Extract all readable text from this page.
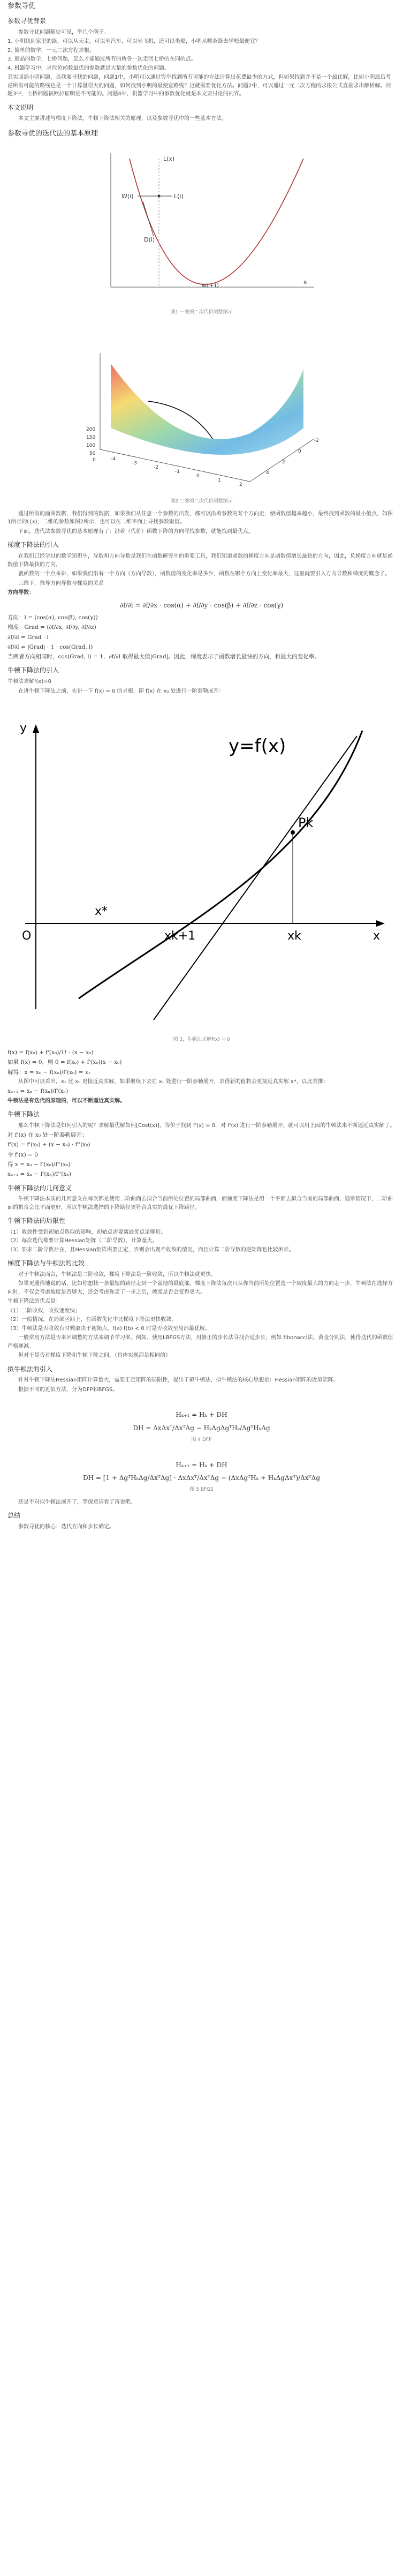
参数寻优
参数寻优背景
参数寻优问题随处可见，举几个例子。
1. 小明找到家里的路，可以从天走，可以坐汽车，可以坐飞机，还可以坐船，小明从哪条路去学校最便宜？
2. 简单的数学，一元二次方程求根。
3. 商品的数学，七桥问题，怎么才能通过所有的桥各一次走回七桥的在同的点。
4. 机器学习中，求代价函数最优的参数就是大量的参数优化的问题。
其实回到小明问题，当我要寻找的问题，问题1中，小明可以通过穷举找到所有可能的方法计算出花费最少的方式，但如果找到并不是一个最优解，比如小明最后考虑所有可能的路线也是一个计算量很大的问题，如何找到小明的最便宜路线？这就需要优化方法。问题2中，可以通过一元二次方程的求根公式直接求出解析解。问题3中，七桥问题被欧拉证明是不可能的。问题4中，机器学习中的参数优化就是本文要讨论的内容。
本文说明
本文主要讲述与梯度下降法，牛顿下降法相关的原理，以及参数寻优中的一些基本方法。
参数寻优的迭代法的基本原理
L(x)
W(i)	L(i)
D(i)
W(i+1)
x
图1 一维的二次代价函数图示
200
150
100
50
0	-4
-3
-2
-1
0
1
2
4
2
0
-2
图2 二维的二次代价函数图示
通过所有的画图数据，我们得到的数据，如果我们从任意一个参数的出发，都可以沿着参数的某个方向走，使函数值越来越小，最终找到函数的最小值点，如图1所示的L(x)，二维的参数如图2所示，也可以在二维平面上寻找参数取值。
下面，迭代法参数寻优的基本原理有了：沿着（代价）函数下降的方向寻找参数，就能找到最优点。
梯度下降法的引入
在我们已经学过的数学知识中，导数和方向导数是我们在函数研究中的重要工具，我们知道函数的梯度方向是函数值增长最快的方向，因此，负梯度方向就是函数值下降最快的方向。
就函数的一个点来讲，如果我们沿着一个方向（方向导数），函数值的变化率是多少，函数在哪个方向上变化率最大，这里就要引入方向导数和梯度的概念了。
三维下，推导方向导数与梯度的关系
方向导数：
∂f/∂l = ∂f/∂x · cos(α) + ∂f/∂y · cos(β) + ∂f/∂z · cos(γ)
方向：l = (cos(α), cos(β), cos(γ))
梯度：Grad = (∂f/∂x, ∂f/∂y, ∂f/∂z)
∂f/∂l = Grad · l
∂f/∂l = |Grad| · 1 · cos(Grad, l)
当两者方向相同时，cos(Grad, l) = 1，∂f/∂l 取得最大值|Grad|。因此，梯度表示了函数增长最快的方向，和最大的变化率。
牛顿下降法的引入
牛顿法求解f(x)=0
在讲牛顿下降法之前，先讲一下 f(x) = 0 的求根，即 f(x) 在 x₀ 处进行一阶泰勒展开：
y=f(x)
Pk
O
x*
xk+1	xk	x
y
图 3，牛顿法求解f(x) = 0
f(x) = f(x₀) + f'(x₀)/1! · (x − x₀)
如果 f(x) = 0，则 0 = f(x₀) + f'(x₀)(x − x₀)
解得：x = x₀ − f(x₀)/f'(x₀) = x₁
从图中可以看出，x₁ 比 x₀ 更接近真实解，如果继续下去在 x₁ 处进行一阶泰勒展开，求得新的值将会更接近真实解 x*，以此类推：
xₙ₊₁ = xₙ − f(xₙ)/f'(xₙ)
牛顿法是有迭代的原理的，可以不断逼近真实解。
牛顿下降法
那么牛顿下降法是如何引入的呢？求解最优解如何[Cost(x)]，等价于找到 f'(x) = 0，对 f'(x) 进行一阶泰勒展开，就可以用上面的牛顿法来不断逼近真实解了。
对 f'(x) 在 x₀ 处一阶泰勒展开：
f'(x) = f'(x₀) + (x − x₀) · f''(x₀)
令 f'(x) = 0
得 x = x₀ − f'(x₀)/f''(x₀)
xₙ₊₁ = xₙ − f'(xₙ)/f''(xₙ)
牛顿下降法的几何意义
牛顿下降法本质的几何意义在每次都是使用二阶曲面去拟合当前所处位置的局部曲面，而梯度下降法是用一个平面去拟合当前的局部曲面，通常情况下，二阶曲面的拟合会比平面更好，所以牛顿法选择的下降路径更符合真实的最优下降路径。
牛顿下降法的局限性
（1）收敛性受到初始点选取的影响，初始点需要离最优点足够近。
（2）每次迭代都要计算Hessian矩阵（二阶导数），计算量大。
（3）要求二阶导数存在，且Hessian矩阵需要正定，否则会出现不收敛的情况，而且计算二阶导数的逆矩阵也比较困难。
梯度下降法与牛顿法的比较
对于牛顿法而言，牛顿法是二阶收敛，梯度下降法是一阶收敛，所以牛顿法就更快。
如果更通俗地说的话，比如你想找一条最短的路径走到一个盆地的最底部，梯度下降法每次只从你当前所处位置选一个坡度最大的方向走一步，牛顿法在选择方向时，不仅会考虑坡度是否够大，还会考虑你走了一步之后，坡度是否会变得更大。
牛顿下降法的优点是：
（1）二阶收敛，收敛速度快；
（2）一般情况，在局部区间上，在函数优化中比梯度下降法更快收敛。
（3）牛顿法是否收敛有时候取决于初始点，f(a)·f(b) < 0 时是否收敛至局部最优解。
一般常用方法是否来回调整的方法来调节学习率，例如，使用LBFGS方法，用修正的步长法寻找合适步长，例如 fibonacci法、黄金分割法，使得迭代的函数值严格递减。
但对于是否对梯度下降和牛顿下降之间，（具体实现都是相同的）
拟牛顿法的引入
针对牛顿下降法Hessian矩阵计算量大，需要正定矩阵的局限性，提出了拟牛顿法，拟牛顿法的核心思想是：Hessian矩阵的近似矩阵。
根据不同的近似方法，分为DFP和BFGS。
Hₖ₊₁ = Hₖ + DH
DH = ΔxΔxᵀ/ΔxᵀΔg − HₖΔgΔgᵀHₖ/ΔgᵀHₖΔg
图 4 DFP
Hₖ₊₁ = Hₖ + DH
DH = [1 + ΔgᵀHₖΔg/ΔxᵀΔg] · ΔxΔxᵀ/ΔxᵀΔg − (ΔxΔgᵀHₖ + HₖΔgΔxᵀ)/ΔxᵀΔg
图 5 BFGS
还是不对拟牛顿法展开了，等保意请看了再说吧。
总结
参数寻优的核心：迭代方向和步长确定。
